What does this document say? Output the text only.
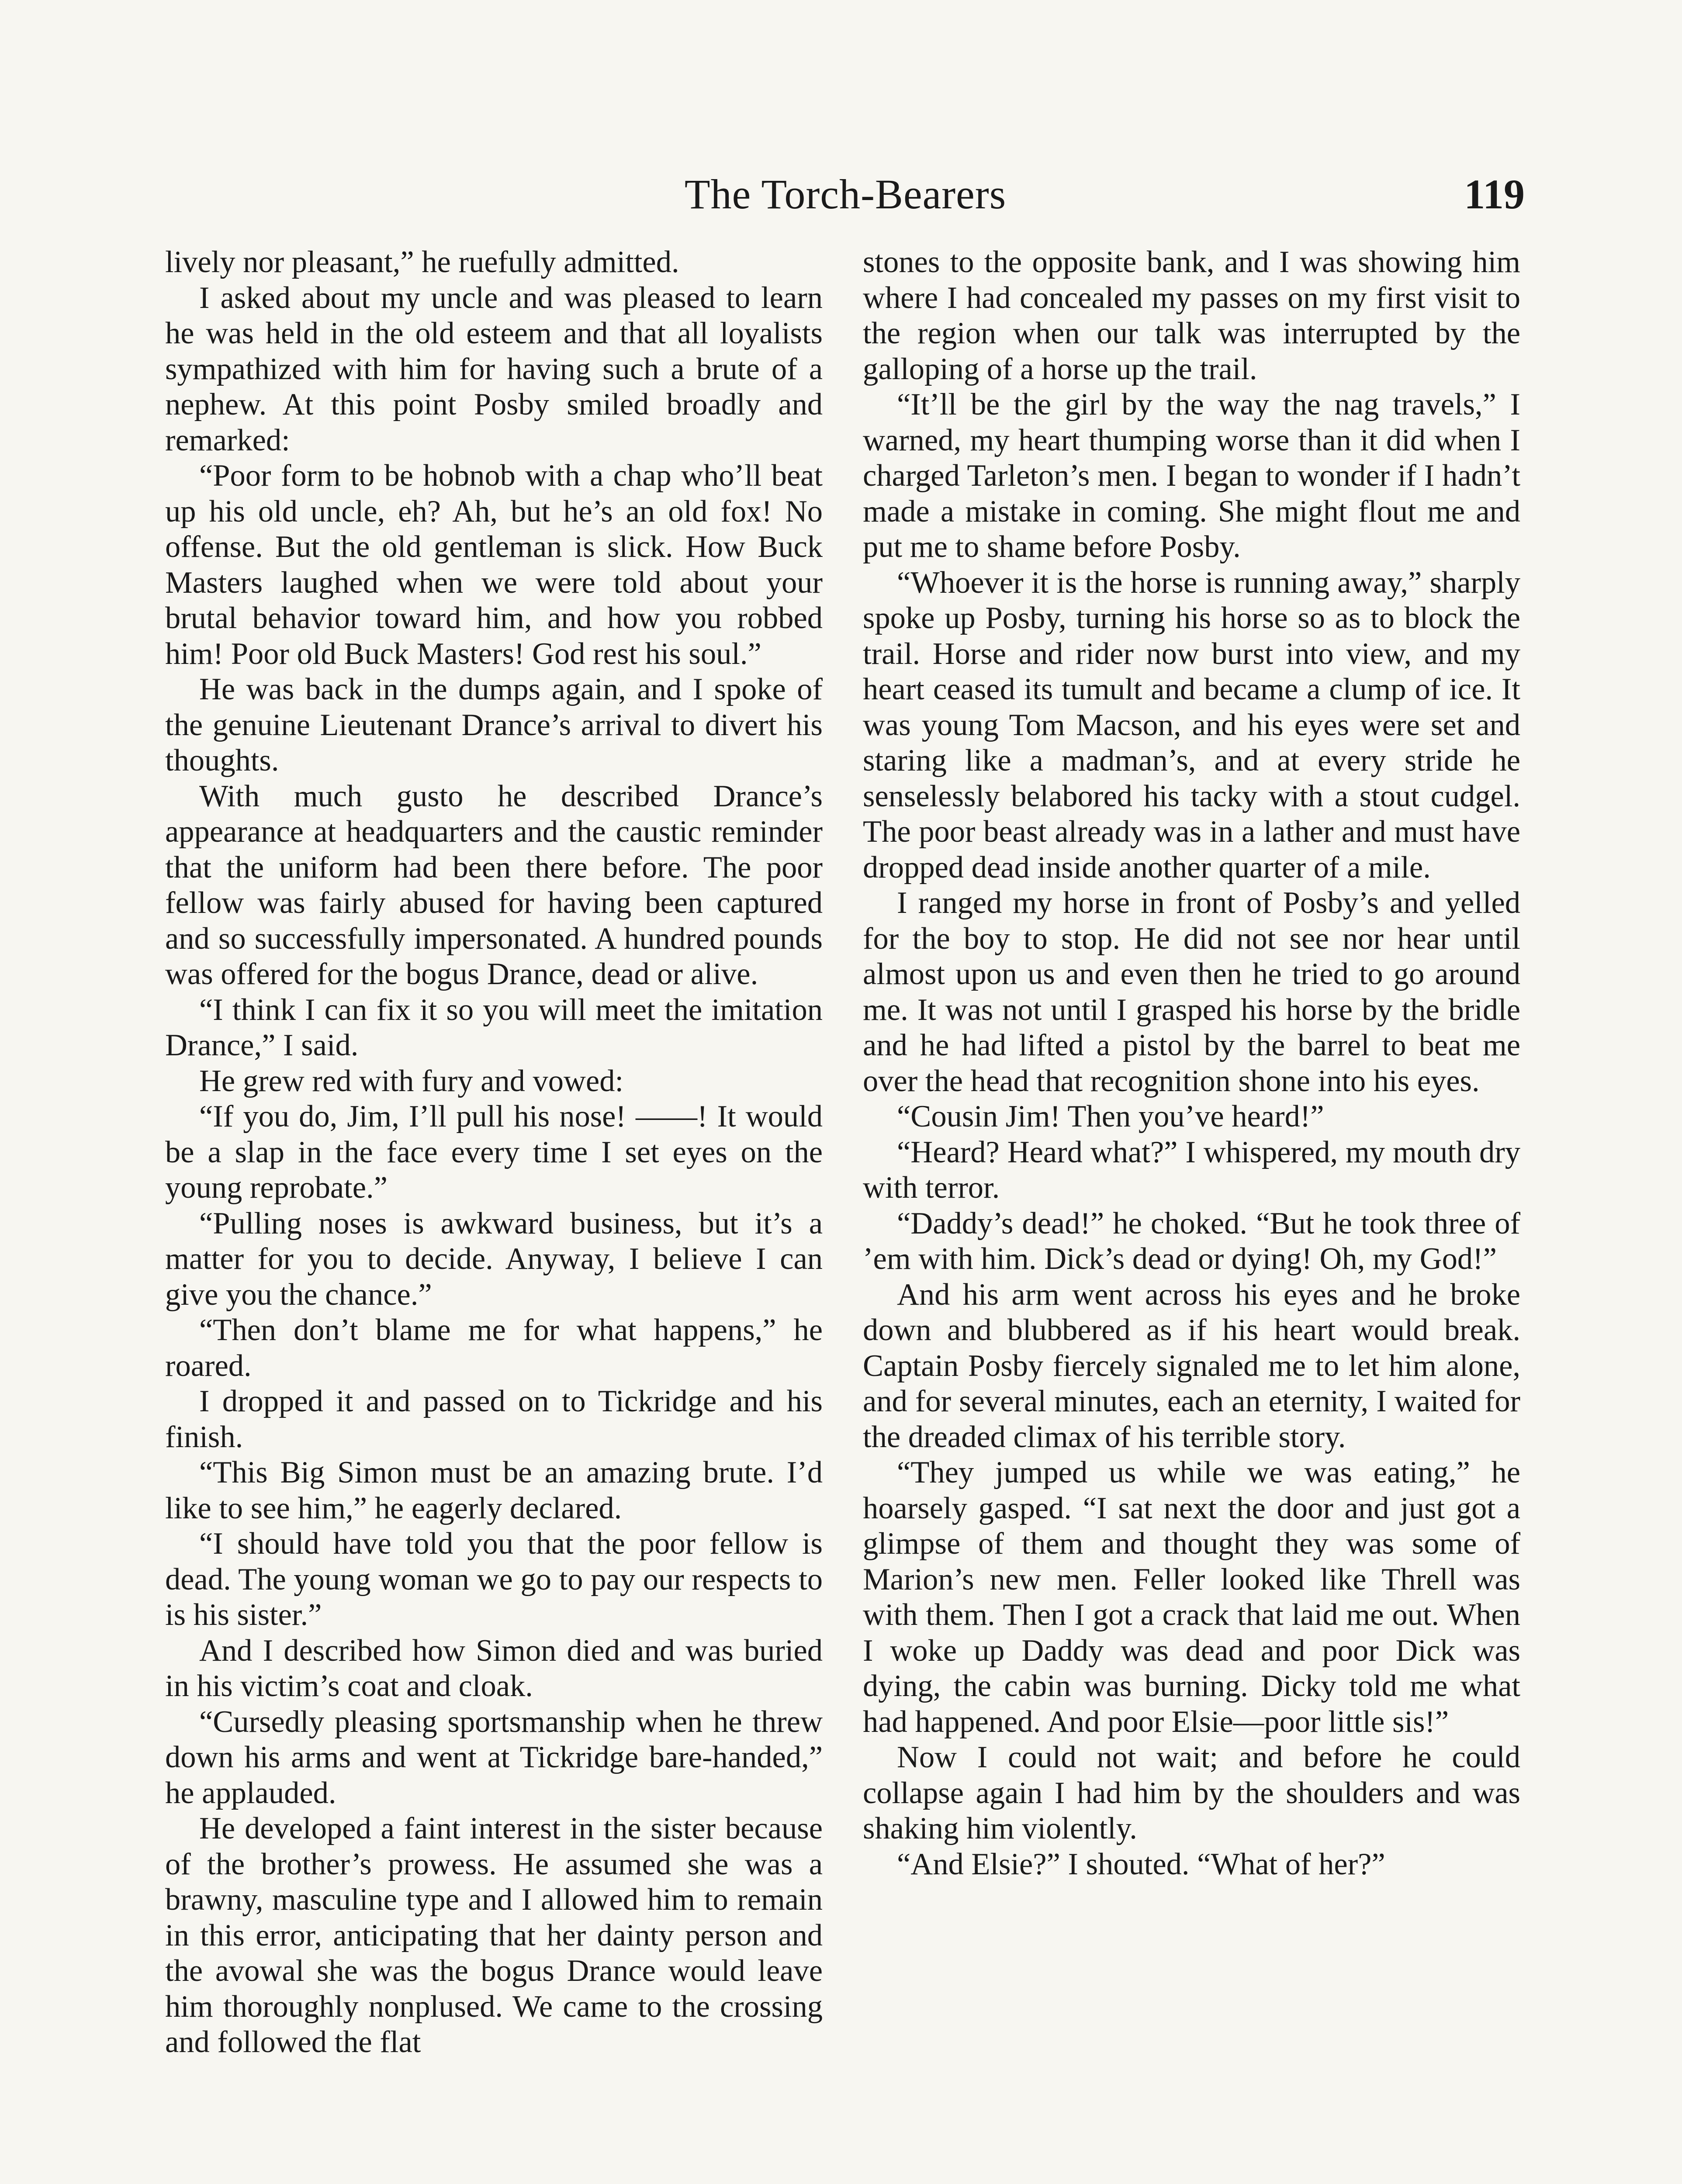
The Torch-Bearers	119

lively nor pleasant,” he ruefully admitted.

I asked about my uncle and was pleased to learn he was held in the old esteem and that all loyalists sympathized with him for having such a brute of a nephew. At this point Posby smiled broadly and remarked:

“Poor form to be hobnob with a chap who’ll beat up his old uncle, eh? Ah, but he’s an old fox! No offense. But the old gentleman is slick. How Buck Masters laughed when we were told about your brutal behavior toward him, and how you robbed him! Poor old Buck Masters! God rest his soul.”

He was back in the dumps again, and I spoke of the genuine Lieutenant Drance’s arrival to divert his thoughts.

With much gusto he described Drance’s appearance at headquarters and the caustic reminder that the uniform had been there before. The poor fellow was fairly abused for having been captured and so successfully impersonated. A hundred pounds was offered for the bogus Drance, dead or alive.

“I think I can fix it so you will meet the imitation Drance,” I said.

He grew red with fury and vowed:

“If you do, Jim, I’ll pull his nose! ——! It would be a slap in the face every time I set eyes on the young reprobate.”

“Pulling noses is awkward business, but it’s a matter for you to decide. Anyway, I believe I can give you the chance.”

“Then don’t blame me for what happens,” he roared.

I dropped it and passed on to Tickridge and his finish.

“This Big Simon must be an amazing brute. I’d like to see him,” he eagerly declared.

“I should have told you that the poor fellow is dead. The young woman we go to pay our respects to is his sister.”

And I described how Simon died and was buried in his victim’s coat and cloak.

“Cursedly pleasing sportsmanship when he threw down his arms and went at Tickridge bare-handed,” he applauded.

He developed a faint interest in the sister because of the brother’s prowess. He assumed she was a brawny, masculine type and I allowed him to remain in this error, anticipating that her dainty person and the avowal she was the bogus Drance would leave him thoroughly nonplused. We came to the crossing and followed the flat

stones to the opposite bank, and I was showing him where I had concealed my passes on my first visit to the region when our talk was interrupted by the galloping of a horse up the trail.

“It’ll be the girl by the way the nag travels,” I warned, my heart thumping worse than it did when I charged Tarleton’s men. I began to wonder if I hadn’t made a mistake in coming. She might flout me and put me to shame before Posby.

“Whoever it is the horse is running away,” sharply spoke up Posby, turning his horse so as to block the trail. Horse and rider now burst into view, and my heart ceased its tumult and became a clump of ice. It was young Tom Macson, and his eyes were set and staring like a madman’s, and at every stride he senselessly belabored his tacky with a stout cudgel. The poor beast already was in a lather and must have dropped dead inside another quarter of a mile.

I ranged my horse in front of Posby’s and yelled for the boy to stop. He did not see nor hear until almost upon us and even then he tried to go around me. It was not until I grasped his horse by the bridle and he had lifted a pistol by the barrel to beat me over the head that recognition shone into his eyes.

“Cousin Jim! Then you’ve heard!”

“Heard? Heard what?” I whispered, my mouth dry with terror.

“Daddy’s dead!” he choked. “But he took three of ’em with him. Dick’s dead or dying! Oh, my God!”

And his arm went across his eyes and he broke down and blubbered as if his heart would break. Captain Posby fiercely signaled me to let him alone, and for several minutes, each an eternity, I waited for the dreaded climax of his terrible story.

“They jumped us while we was eating,” he hoarsely gasped. “I sat next the door and just got a glimpse of them and thought they was some of Marion’s new men. Feller looked like Threll was with them. Then I got a crack that laid me out. When I woke up Daddy was dead and poor Dick was dying, the cabin was burning. Dicky told me what had happened. And poor Elsie—poor little sis!”

Now I could not wait; and before he could collapse again I had him by the shoulders and was shaking him violently.

“And Elsie?” I shouted. “What of her?”
